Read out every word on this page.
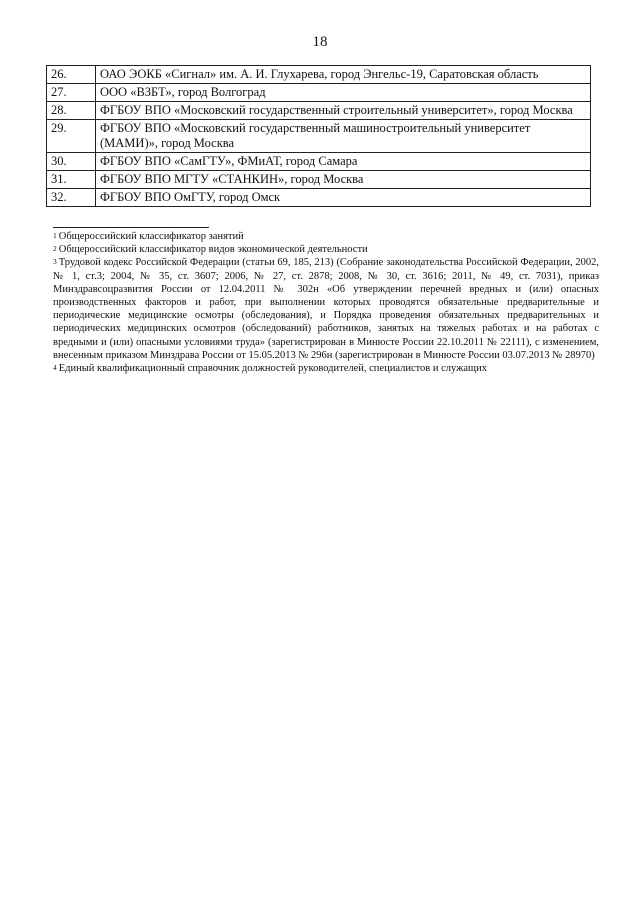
18
26.	ОАО ЭОКБ «Сигнал» им. А. И. Глухарева, город Энгельс-19, Саратовская область
27.	ООО «ВЗБТ», город Волгоград
28.	ФГБОУ ВПО «Московский государственный строительный университет», город Москва
29.	ФГБОУ ВПО «Московский государственный машиностроительный университет (МАМИ)», город Москва
30.	ФГБОУ ВПО «СамГТУ», ФМиАТ, город Самара
31.	ФГБОУ ВПО МГТУ «СТАНКИН», город Москва
32.	ФГБОУ ВПО ОмГТУ, город Омск

$^1$ Общероссийский классификатор занятий

$^2$ Общероссийский классификатор видов экономической деятельности

$^3$ Трудовой кодекс Российской Федерации (статьи 69, 185, 213) (Собрание законодательства Российской Федерации, 2002, № 1, ст.3; 2004, № 35, ст. 3607; 2006, № 27, ст. 2878; 2008, № 30, ст. 3616; 2011, № 49, ст. 7031), приказ Минздравсоцразвития России от 12.04.2011 № 302н «Об утверждении перечней вредных и (или) опасных производственных факторов и работ, при выполнении которых проводятся обязательные предварительные и периодические медицинские осмотры (обследования), и Порядка проведения обязательных предварительных и периодических медицинских осмотров (обследований) работников, занятых на тяжелых работах и на работах с вредными и (или) опасными условиями труда» (зарегистрирован в Минюсте России 22.10.2011 № 22111), с изменением, внесенным приказом Минздрава России от 15.05.2013 № 296н (зарегистрирован в Минюсте России 03.07.2013 № 28970)

$^4$ Единый квалификационный справочник должностей руководителей, специалистов и служащих
